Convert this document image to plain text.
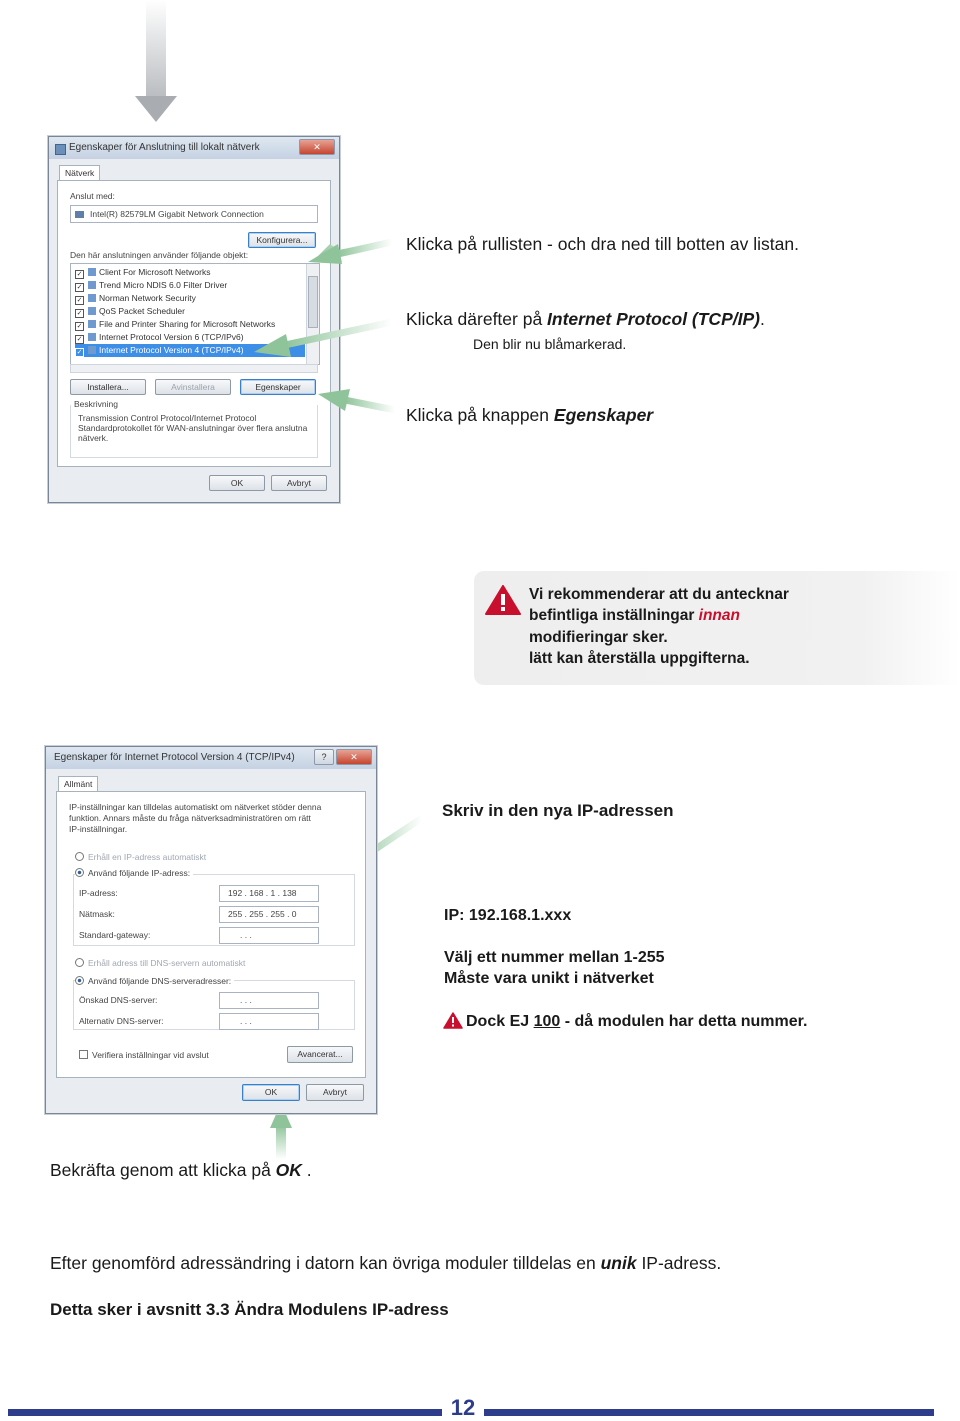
Egenskaper för Anslutning till lokalt nätverk	✕
Nätverk
Anslut med:
Intel(R) 82579LM Gigabit Network Connection
Konfigurera...
Den här anslutningen använder följande objekt:
✓ Client For Microsoft Networks
✓ Trend Micro NDIS 6.0 Filter Driver
✓ Norman Network Security
✓ QoS Packet Scheduler
✓ File and Printer Sharing for Microsoft Networks
✓ Internet Protocol Version 6 (TCP/IPv6)
✓ Internet Protocol Version 4 (TCP/IPv4)
Installera...	Avinstallera	Egenskaper
Beskrivning
Transmission Control Protocol/Internet Protocol
Standardprotokollet för WAN-anslutningar över flera anslutna
nätverk.
OK	Avbryt
Klicka på rullisten - och dra ned till botten av listan.
Klicka därefter på Internet Protocol (TCP/IP).
Den blir nu blåmarkerad.
Klicka på knappen Egenskaper
Vi rekommenderar att du antecknar
befintliga inställningar innan
modifieringar sker.
lätt kan återställa uppgifterna.
Egenskaper för Internet Protocol Version 4 (TCP/IPv4)	?	✕
Allmänt
IP-inställningar kan tilldelas automatiskt om nätverket stöder denna
funktion. Annars måste du fråga nätverksadministratören om rätt
IP-inställningar.
Erhåll en IP-adress automatiskt
Använd följande IP-adress:
IP-adress:	192 . 168 . 1 . 138
Nätmask:	255 . 255 . 255 . 0
Standard-gateway:	. . .
Erhåll adress till DNS-servern automatiskt
Använd följande DNS-serveradresser:
Önskad DNS-server:	. . .
Alternativ DNS-server:	. . .
Verifiera inställningar vid avslut	Avancerat...
OK	Avbryt
Skriv in den nya IP-adressen
IP: 192.168.1.xxx
Välj ett nummer mellan 1-255
Måste vara unikt i nätverket
Dock EJ 100 - då modulen har detta nummer.
Bekräfta genom att klicka på OK .
Efter genomförd adressändring i datorn kan övriga moduler tilldelas en unik IP-adress.
Detta sker i avsnitt 3.3 Ändra Modulens IP-adress
12
